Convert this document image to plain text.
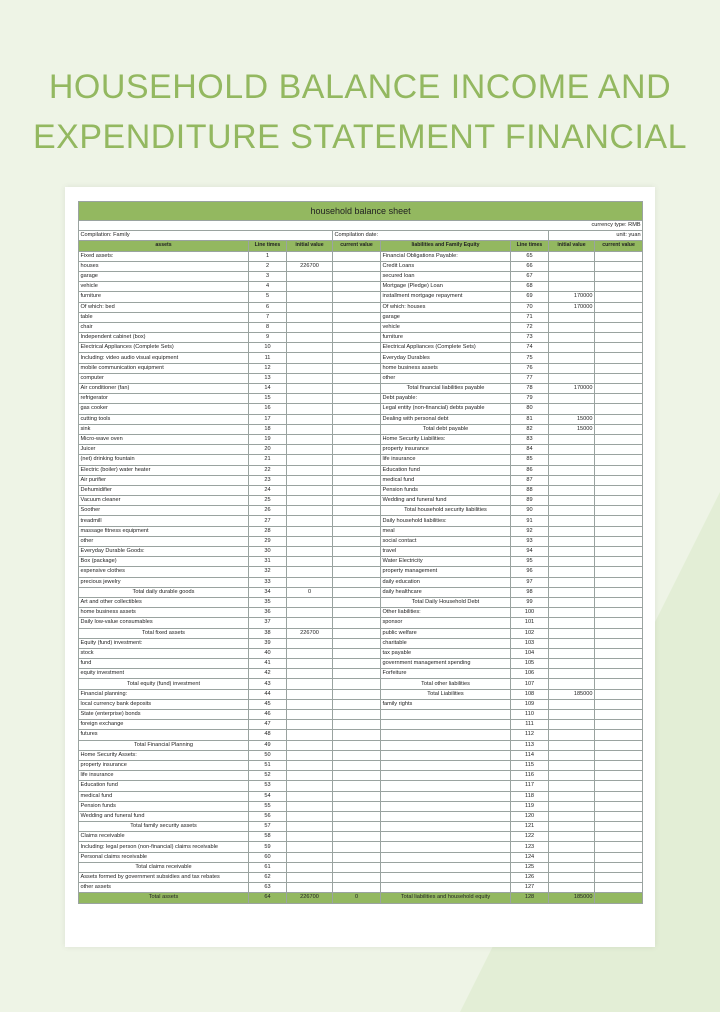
HOUSEHOLD BALANCE INCOME AND
EXPENDITURE STATEMENT FINANCIAL
household balance sheet							
currency type: RMB							
Compilation: Family			Compilation date:			unit: yuan	
assets	Line times	initial value	current value	liabilities and Family Equity	Line times	initial value	current value
Fixed assets:	1			Financial Obligations Payable:	65		
houses	2	226700		Credit Loans	66		
garage	3			secured loan	67		
vehicle	4			Mortgage (Pledge) Loan	68		
furniture	5			installment mortgage repayment	69	170000	
Of which: bed	6			Of which: houses	70	170000	
table	7			garage	71		
chair	8			vehicle	72		
Independent cabinet (box)	9			furniture	73		
Electrical Appliances (Complete Sets)	10			Electrical Appliances (Complete Sets)	74		
Including: video audio visual equipment	11			Everyday Durables	75		
mobile communication equipment	12			home business assets	76		
computer	13			other	77		
Air conditioner (fan)	14			Total financial liabilities payable	78	170000	
refrigerator	15			Debt payable:	79		
gas cooker	16			Legal entity (non-financial) debts payable	80		
cutting tools	17			Dealing with personal debt	81	15000	
sink	18			Total debt payable	82	15000	
Micro-wave oven	19			Home Security Liabilities:	83		
Juicer	20			property insurance	84		
(net) drinking fountain	21			life insurance	85		
Electric (boiler) water heater	22			Education fund	86		
Air purifier	23			medical fund	87		
Dehumidifier	24			Pension funds	88		
Vacuum cleaner	25			Wedding and funeral fund	89		
Soother	26			Total household security liabilities	90		
treadmill	27			Daily household liabilities:	91		
massage fitness equipment	28			meal	92		
other	29			social contact	93		
Everyday Durable Goods:	30			travel	94		
Box (package)	31			Water Electricity	95		
expensive clothes	32			property management	96		
precious jewelry	33			daily education	97		
Total daily durable goods	34	0		daily healthcare	98		
Art and other collectibles	35			Total Daily Household Debt	99		
home business assets	36			Other liabilities:	100		
Daily low-value consumables	37			sponsor	101		
Total fixed assets	38	226700		public welfare	102		
Equity (fund) investment:	39			charitable	103		
stock	40			tax payable	104		
fund	41			government management spending	105		
equity investment	42			Forfeiture	106		
Total equity (fund) investment	43			Total other liabilities	107		
Financial planning:	44			Total Liabilities	108	185000	
local currency bank deposits	45			family rights	109		
State (enterprise) bonds	46				110		
foreign exchange	47				111		
futures	48				112		
Total Financial Planning	49				113		
Home Security Assets:	50				114		
property insurance	51				115		
life insurance	52				116		
Education fund	53				117		
medical fund	54				118		
Pension funds	55				119		
Wedding and funeral fund	56				120		
Total family security assets	57				121		
Claims receivable	58				122		
Including: legal person (non-financial) claims receivable	59				123		
Personal claims receivable	60				124		
Total claims receivable	61				125		
Assets formed by government subsidies and tax rebates	62				126		
other assets	63				127		
Total assets	64	226700	0	Total liabilities and household equity	128	185000	
